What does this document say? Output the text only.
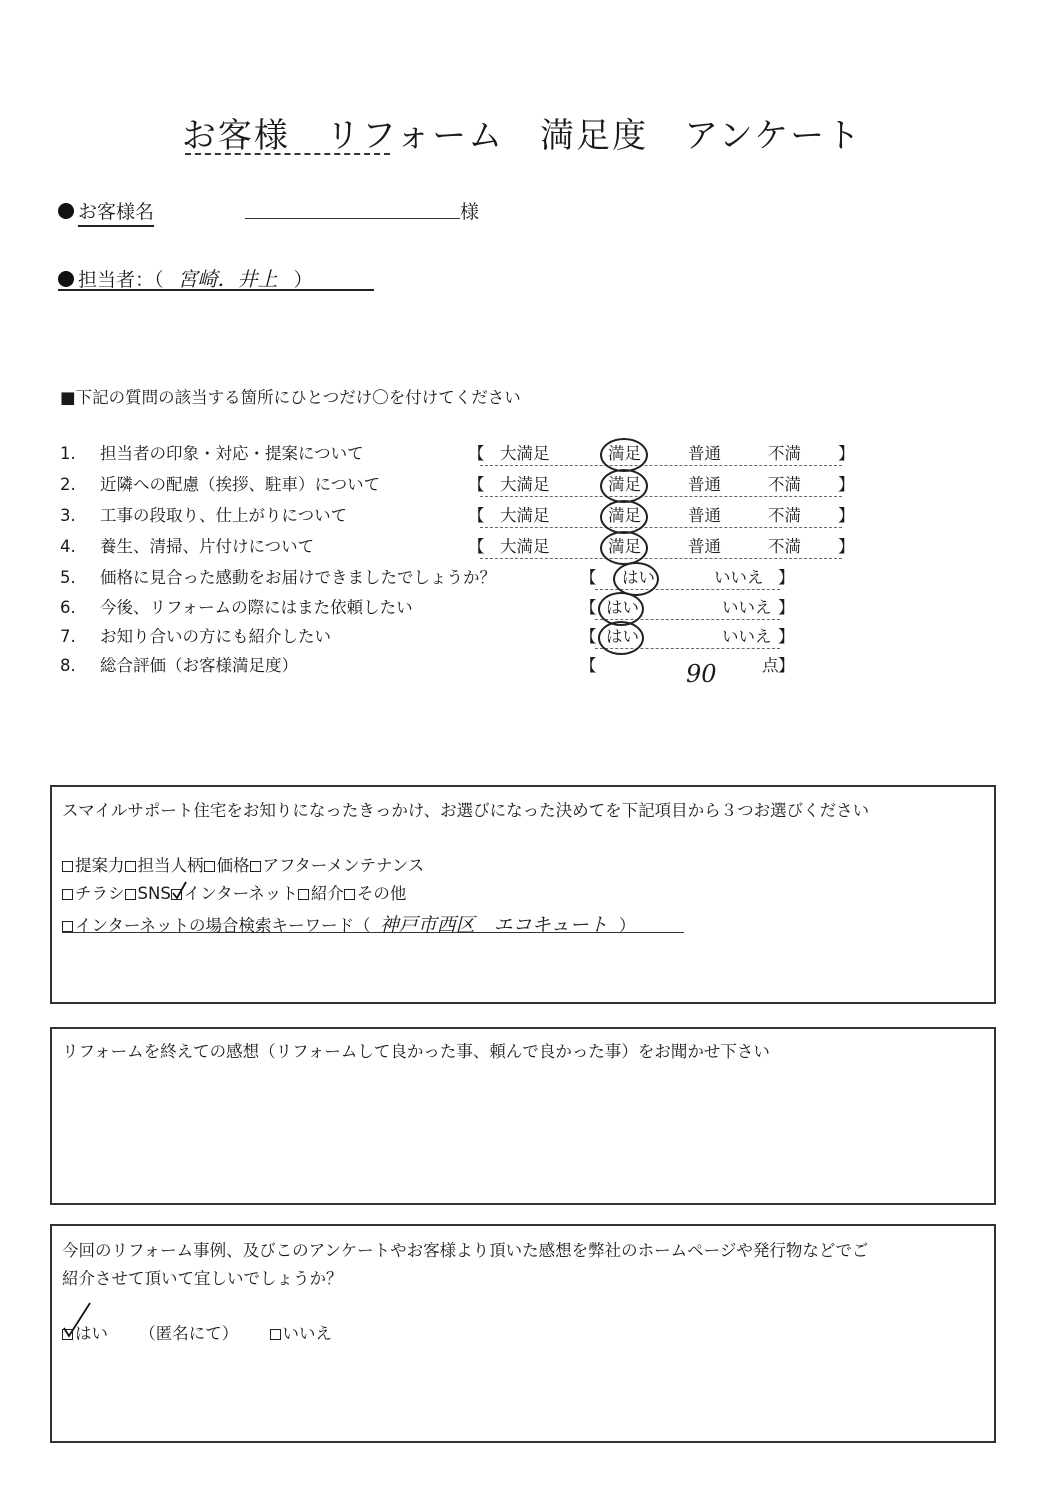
お客様　リフォーム　満足度　アンケート
お客様名	様
担当者：（ 宮崎．井上 ）
■下記の質問の該当する箇所にひとつだけ〇を付けてください
1.	担当者の印象・対応・提案について	【 大満足	満足	普通	不満 】
2.	近隣への配慮（挨拶、駐車）について	【 大満足	満足	普通	不満 】
3.	工事の段取り、仕上がりについて	【 大満足	満足	普通	不満 】
4.	養生、清掃、片付けについて	【 大満足	満足	普通	不満 】
5.	価格に見合った感動をお届けできましたでしょうか？	【 はい	いいえ 】
6.	今後、リフォームの際にはまた依頼したい	【 はい	いいえ 】
7.	お知り合いの方にも紹介したい	【 はい	いいえ 】
8.	総合評価（お客様満足度）	【	90	点 】
スマイルサポート住宅をお知りになったきっかけ、お選びになった決めてを下記項目から３つお選びください
提案力 担当人柄 価格 アフターメンテナンス
チラシ SNS インターネット 紹介 その他
インターネットの場合検索キーワード（ 神戸市西区　エコキュート ）
リフォームを終えての感想（リフォームして良かった事、頼んで良かった事）をお聞かせ下さい
今回のリフォーム事例、及びこのアンケートやお客様より頂いた感想を弊社のホームページや発行物などでご
紹介させて頂いて宜しいでしょうか？
はい （匿名にて）	いいえ
